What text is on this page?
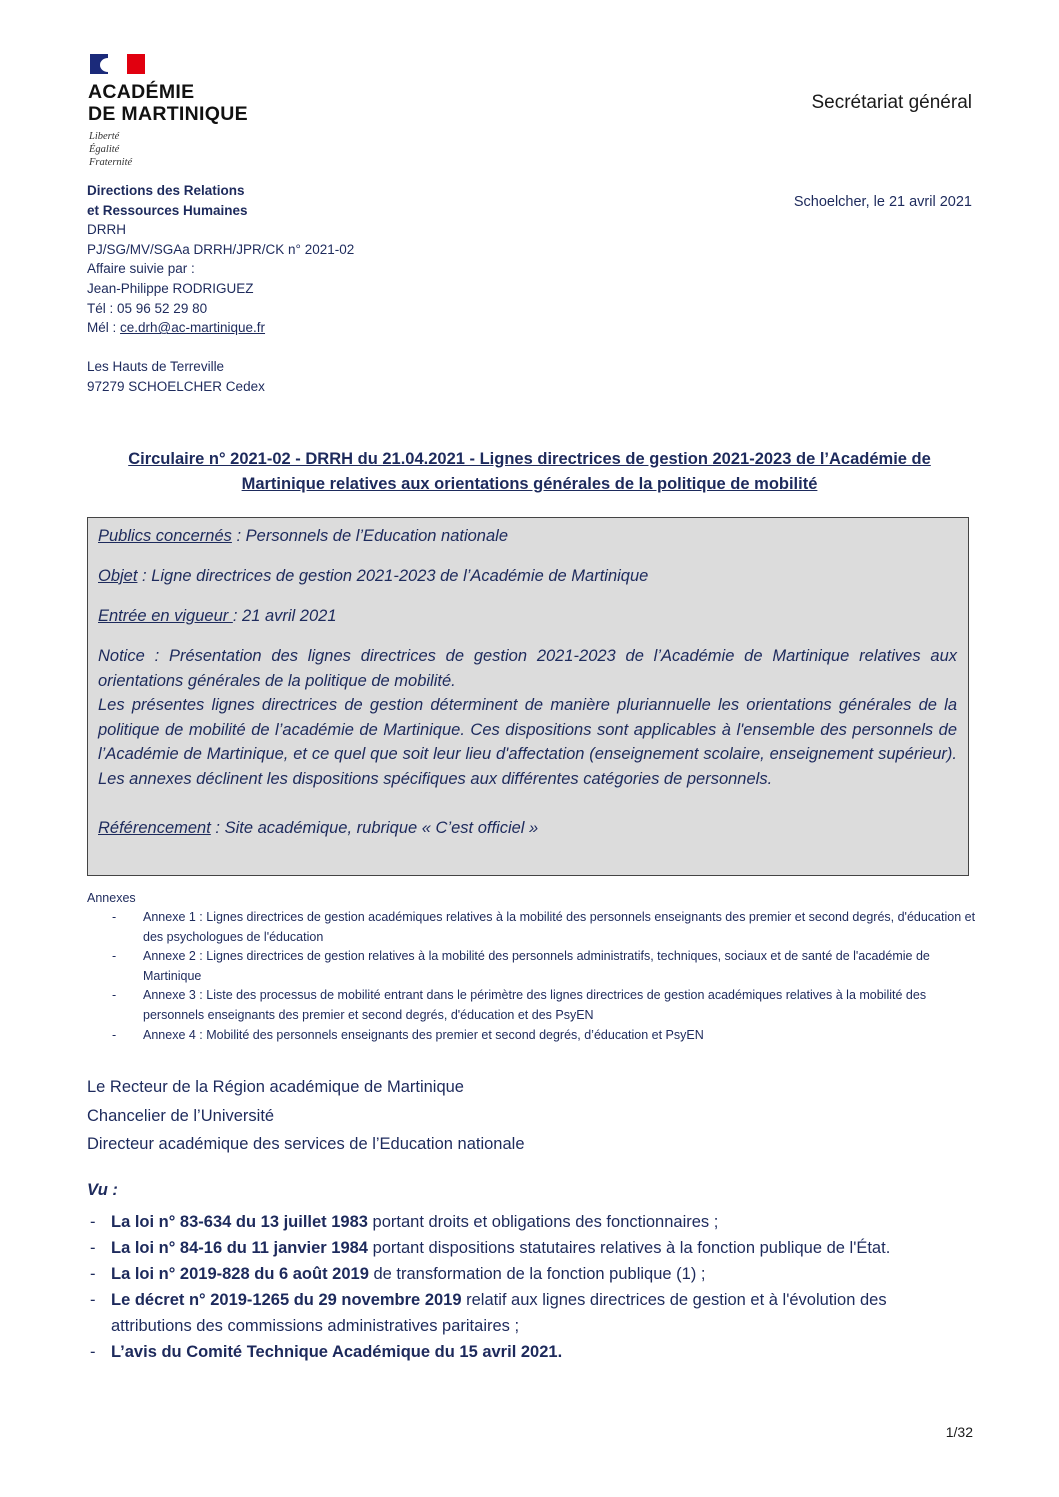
ACADÉMIE
DE MARTINIQUE
Liberté
Égalité
Fraternité
Secrétariat général
Directions des Relations
et Ressources Humaines
DRRH
PJ/SG/MV/SGAa DRRH/JPR/CK n° 2021-02
Affaire suivie par :
Jean-Philippe RODRIGUEZ
Tél : 05 96 52 29 80
Mél : ce.drh@ac-martinique.fr
Les Hauts de Terreville
97279 SCHOELCHER Cedex
Schoelcher, le 21 avril 2021
Circulaire n° 2021-02 - DRRH du 21.04.2021 - Lignes directrices de gestion 2021-2023 de l’Académie de
Martinique relatives aux orientations générales de la politique de mobilité

Publics concernés : Personnels de l’Education nationale

Objet : Ligne directrices de gestion 2021-2023 de l’Académie de Martinique

Entrée en vigueur : 21 avril 2021

Notice : Présentation des lignes directrices de gestion 2021-2023 de l’Académie de Martinique relatives aux orientations générales de la politique de mobilité.

Les présentes lignes directrices de gestion déterminent de manière pluriannuelle les orientations générales de la politique de mobilité de l’académie de Martinique. Ces dispositions sont applicables à l'ensemble des personnels de l’Académie de Martinique, et ce quel que soit leur lieu d'affectation (enseignement scolaire, enseignement supérieur). Les annexes déclinent les dispositions spécifiques aux différentes catégories de personnels.

Référencement : Site académique, rubrique « C’est officiel »

Annexes
- Annexe 1 : Lignes directrices de gestion académiques relatives à la mobilité des personnels enseignants des premier et second degrés, d'éducation et des psychologues de l'éducation
- Annexe 2 : Lignes directrices de gestion relatives à la mobilité des personnels administratifs, techniques, sociaux et de santé de l'académie de Martinique
- Annexe 3 : Liste des processus de mobilité entrant dans le périmètre des lignes directrices de gestion académiques relatives à la mobilité des personnels enseignants des premier et second degrés, d'éducation et des PsyEN
- Annexe 4 : Mobilité des personnels enseignants des premier et second degrés, d’éducation et PsyEN
Le Recteur de la Région académique de Martinique
Chancelier de l’Université
Directeur académique des services de l’Education nationale
Vu :
- La loi n° 83-634 du 13 juillet 1983 portant droits et obligations des fonctionnaires ;
- La loi n° 84-16 du 11 janvier 1984 portant dispositions statutaires relatives à la fonction publique de l'État.
- La loi n° 2019-828 du 6 août 2019 de transformation de la fonction publique (1) ;
- Le décret n° 2019-1265 du 29 novembre 2019 relatif aux lignes directrices de gestion et à l'évolution des attributions des commissions administratives paritaires ;
- L’avis du Comité Technique Académique du 15 avril 2021.
1/32
